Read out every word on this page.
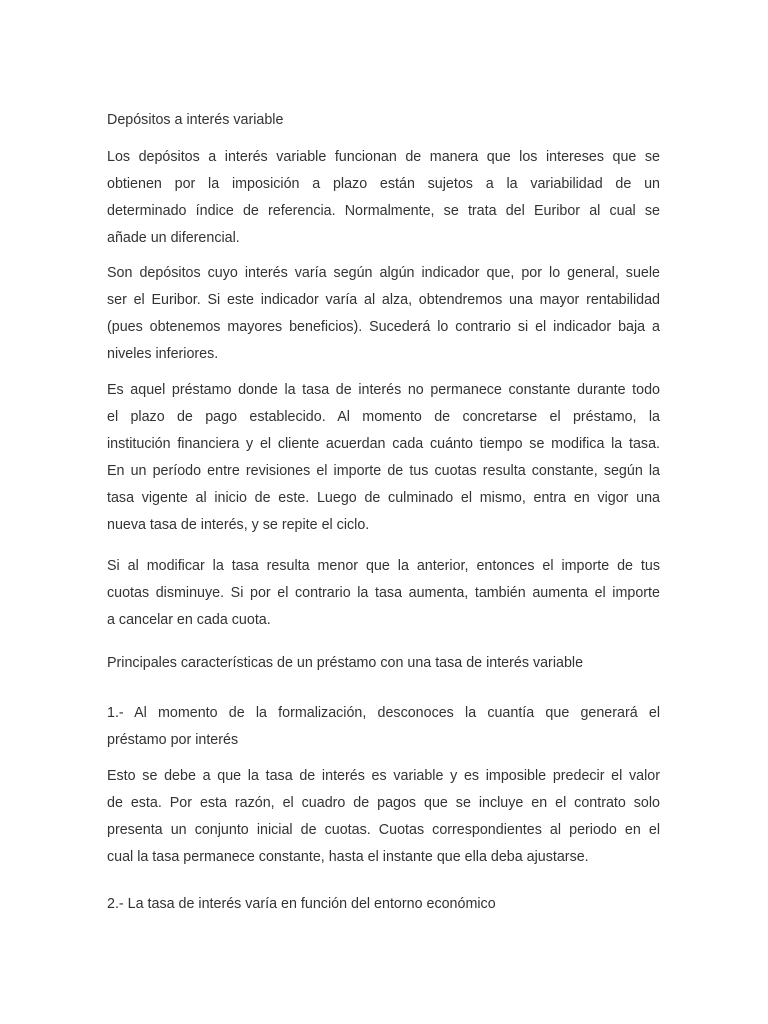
Depósitos a interés variable
Los depósitos a interés variable funcionan de manera que los intereses que se
obtienen por la imposición a plazo están sujetos a la variabilidad de un
determinado índice de referencia. Normalmente, se trata del Euribor al cual se
añade un diferencial.
Son depósitos cuyo interés varía según algún indicador que, por lo general, suele
ser el Euribor. Si este indicador varía al alza, obtendremos una mayor rentabilidad
(pues obtenemos mayores beneficios). Sucederá lo contrario si el indicador baja a
niveles inferiores.
Es aquel préstamo donde la tasa de interés no permanece constante durante todo
el plazo de pago establecido. Al momento de concretarse el préstamo, la
institución financiera y el cliente acuerdan cada cuánto tiempo se modifica la tasa.
En un período entre revisiones el importe de tus cuotas resulta constante, según la
tasa vigente al inicio de este. Luego de culminado el mismo, entra en vigor una
nueva tasa de interés, y se repite el ciclo.
Si al modificar la tasa resulta menor que la anterior, entonces el importe de tus
cuotas disminuye. Si por el contrario la tasa aumenta, también aumenta el importe
a cancelar en cada cuota.
Principales características de un préstamo con una tasa de interés variable
1.- Al momento de la formalización, desconoces la cuantía que generará el
préstamo por interés
Esto se debe a que la tasa de interés es variable y es imposible predecir el valor
de esta. Por esta razón, el cuadro de pagos que se incluye en el contrato solo
presenta un conjunto inicial de cuotas. Cuotas correspondientes al periodo en el
cual la tasa permanece constante, hasta el instante que ella deba ajustarse.
2.- La tasa de interés varía en función del entorno económico
